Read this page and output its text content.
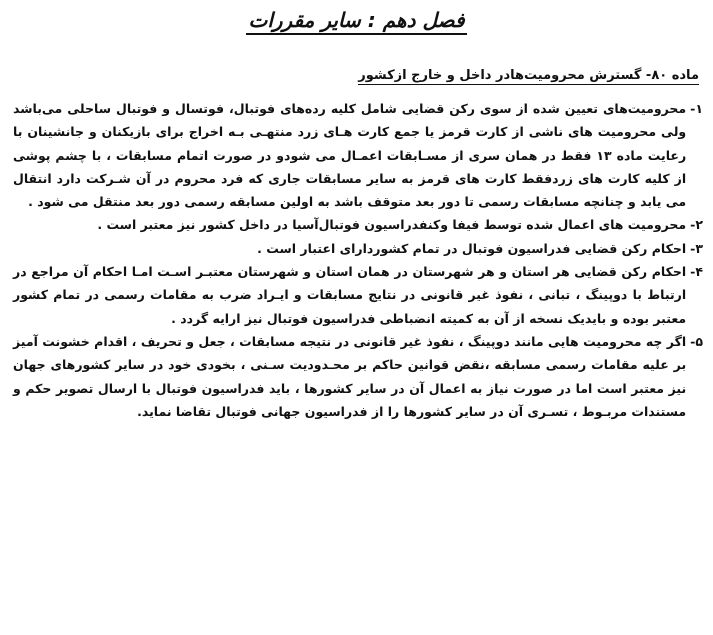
فصل دهم : سایر مقررات
ماده ۸۰- گسترش محرومیت‌هادر داخل و خارج ازکشور
۱-
محرومیت‌های تعیین شده از سوی رکن قضایی شامل کلیه رده‌های فوتبال، فوتسال و فوتبال ساحلی می‌باشد ولی محرومیت های ناشی از کارت قرمز یا جمع کارت هـای زرد منتهـی بـه اخراج برای بازیکنان و جانشینان با رعایت ماده ۱۳ فقط در همان سری از مسـابقات اعمـال می شودو در صورت اتمام مسابقات ، با چشم پوشی از کلیه کارت های زردفقط کارت های قرمز به سایر مسابقات جاری که فرد محروم در آن شـرکت دارد انتقال می یابد و چنانچه مسابقات رسمی تا دور بعد متوقف باشد به اولین مسابقه رسمی دور بعد منتقل می شود .
۲-
محرومیت های اعمال شده توسط فیفا وکنفدراسیون فوتبال‌آسیا در داخل کشور نیز معتبر است .
۳-
احکام رکن قضایی فدراسیون فوتبال در تمام کشوردارای اعتبار است .
۴-
احکام رکن قضایی هر استان و هر شهرستان در همان استان و شهرستان معتبـر اسـت امـا احکام آن مراجع در ارتباط با دوپینگ ، تبانی ، نفوذ غیر قانونی در نتایج مسابقات و ایـراد ضرب به مقامات رسمی در تمام کشور معتبر بوده و بایدیک نسخه از آن به کمیته انضباطی فدراسیون فوتبال نیز ارایه گردد .
۵-
اگر چه محرومیت هایی مانند دوپینگ ، نفوذ غیر قانونی در نتیجه مسابقات ، جعل و تحریف ، اقدام خشونت آمیز بر علیه مقامات رسمی مسابقه ،نقض قوانین حاکم بر محـدودیت سـنی ، بخودی خود در سایر کشورهای جهان نیز معتبر است اما در صورت نیاز به اعمال آن در سایر کشورها ، باید فدراسیون فوتبال با ارسال تصویر حکم و مستندات مربـوط ، تسـری آن در سایر کشورها را از فدراسیون جهانی فوتبال تقاضا نماید.
